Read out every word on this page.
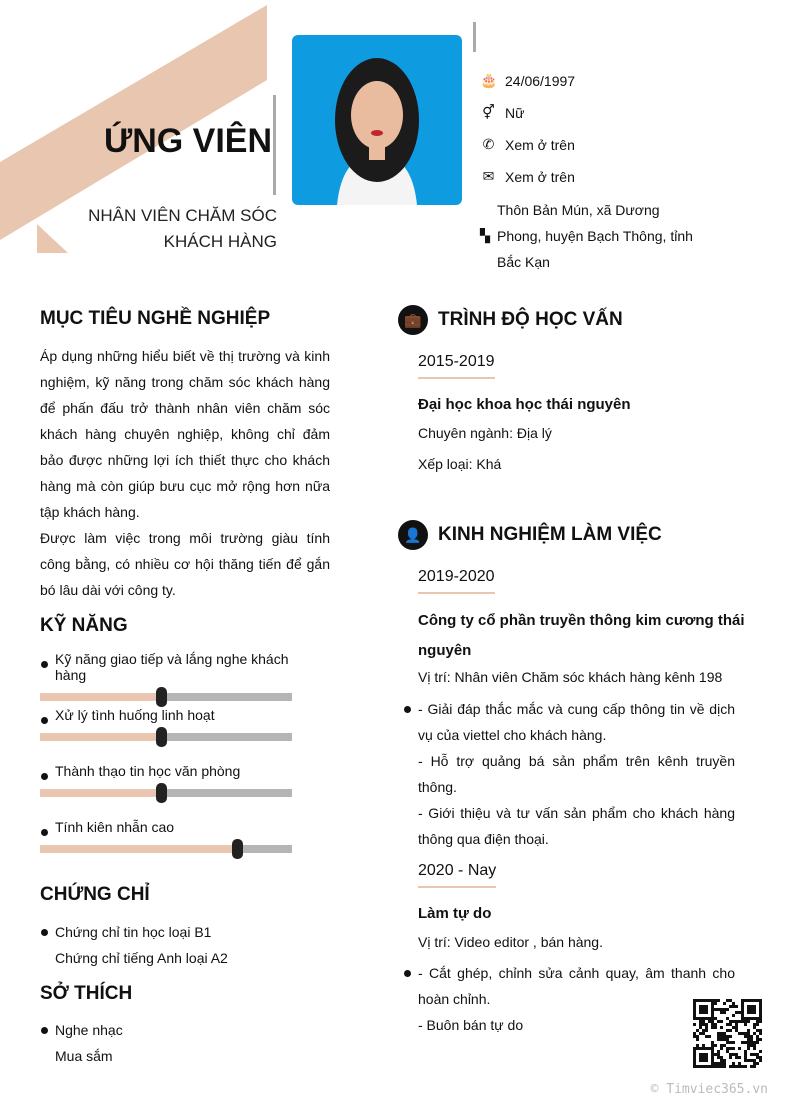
ỨNG VIÊN
NHÂN VIÊN CHĂM SÓC
KHÁCH HÀNG
🎂 24/06/1997
⚥ Nữ
✆ Xem ở trên
✉ Xem ở trên
▚
Thôn Bản Mún, xã Dương Phong, huyện Bạch Thông, tỉnh Bắc Kạn
MỤC TIÊU NGHỀ NGHIỆP
Áp dụng những hiểu biết về thị trường và kinh nghiệm, kỹ năng trong chăm sóc khách hàng để phấn đấu trở thành nhân viên chăm sóc khách hàng chuyên nghiệp, không chỉ đảm bảo được những lợi ích thiết thực cho khách hàng mà còn giúp bưu cục mở rộng hơn nữa tập khách hàng.
Được làm việc trong môi trường giàu tính công bằng, có nhiều cơ hội thăng tiến để gắn bó lâu dài với công ty.
KỸ NĂNG
Kỹ năng giao tiếp và lắng nghe khách hàng
Xử lý tình huống linh hoạt
Thành thạo tin học văn phòng
Tính kiên nhẫn cao
CHỨNG CHỈ
Chứng chỉ tin học loại B1
Chứng chỉ tiếng Anh loại A2
SỞ THÍCH
Nghe nhạc
Mua sắm
💼 TRÌNH ĐỘ HỌC VẤN
2015-2019
Đại học khoa học thái nguyên
Chuyên ngành: Địa lý
Xếp loại: Khá
👤 KINH NGHIỆM LÀM VIỆC
2019-2020
Công ty cổ phần truyền thông kim cương thái nguyên
Vị trí: Nhân viên Chăm sóc khách hàng kênh 198
- Giải đáp thắc mắc và cung cấp thông tin về dịch vụ của viettel cho khách hàng.
- Hỗ trợ quảng bá sản phẩm trên kênh truyền thông.
- Giới thiệu và tư vấn sản phẩm cho khách hàng thông qua điện thoại.
2020 - Nay
Làm tự do
Vị trí: Video editor , bán hàng.
- Cắt ghép, chỉnh sửa cảnh quay, âm thanh cho hoàn chỉnh.
- Buôn bán tự do
© Timviec365.vn
